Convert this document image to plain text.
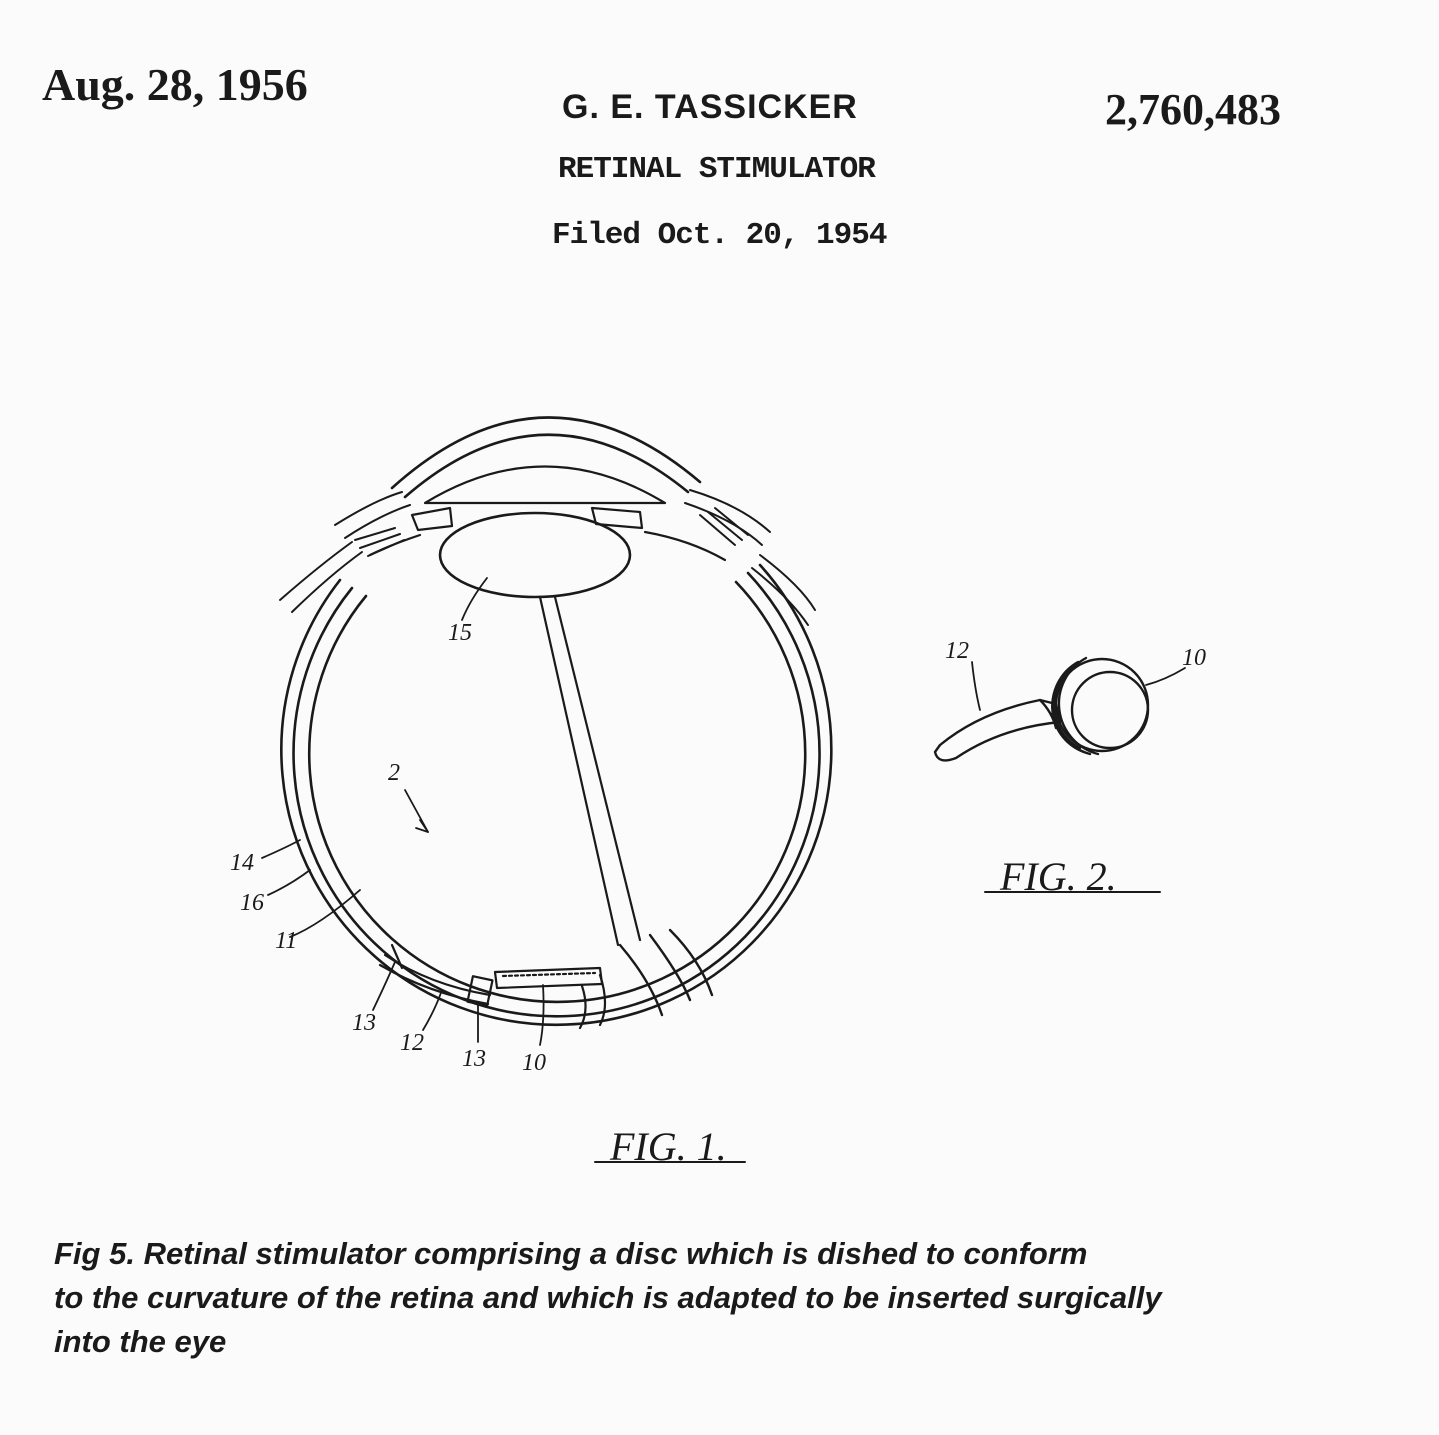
Aug. 28, 1956	G. E. TASSICKER	2,760,483
RETINAL STIMULATOR
Filed Oct. 20, 1954
15
2
14
16
11
13
12
13 10
FIG. 1.
12	10
FIG. 2.

Fig 5. Retinal stimulator comprising a disc which is dished to conform
to the curvature of the retina and which is adapted to be inserted surgically
into the eye
